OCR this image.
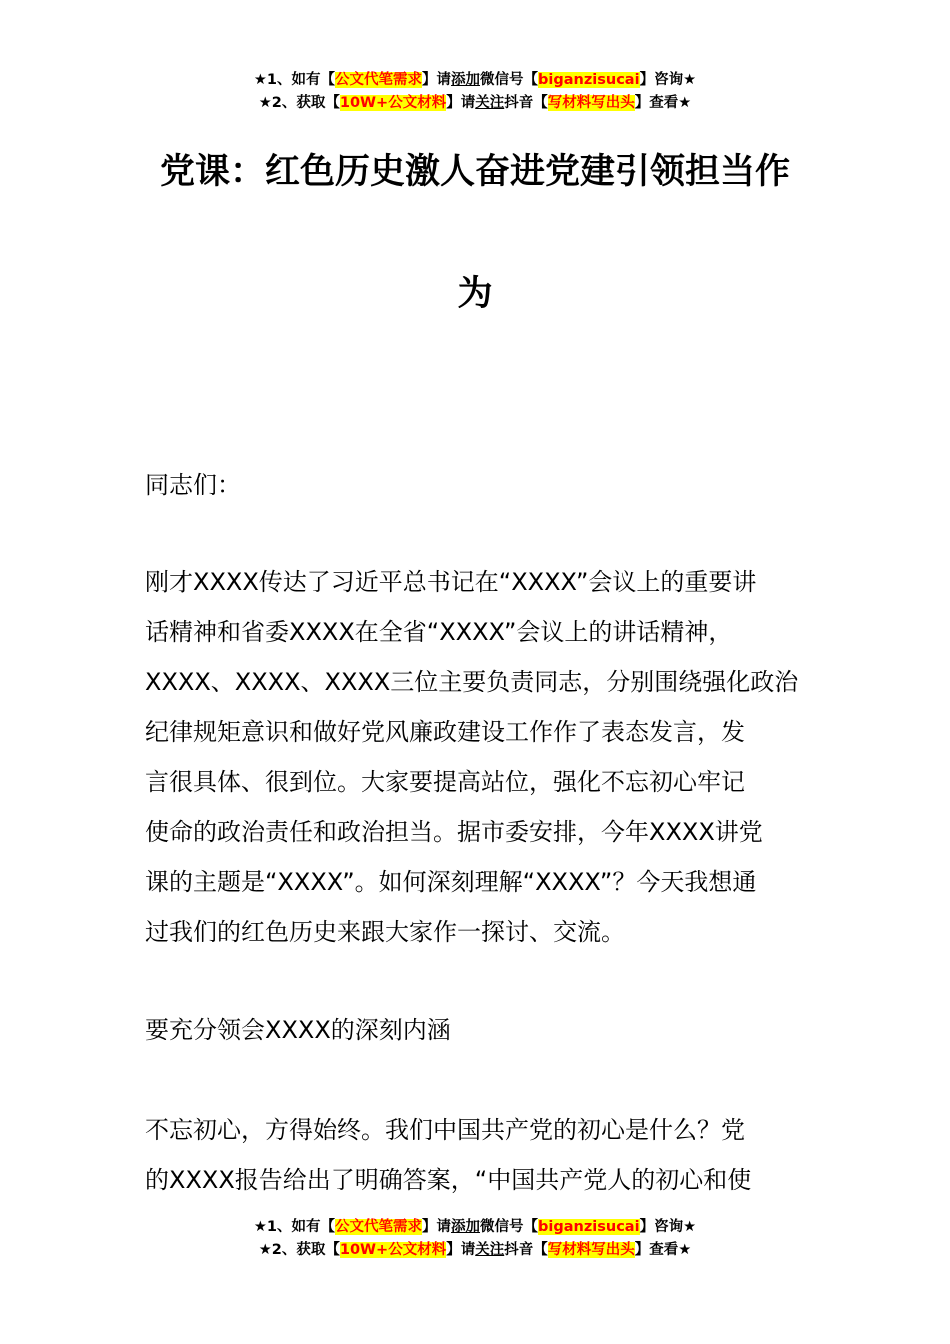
★1、如有【公文代笔需求】请添加微信号【biganzisucai】咨询★
★2、获取【10W+公文材料】请关注抖音【写材料写出头】查看★
党课：红色历史激人奋进党建引领担当作
为

同志们：

刚才XXXX传达了习近平总书记在“XXXX”会议上的重要讲
话精神和省委XXXX在全省“XXXX”会议上的讲话精神，
XXXX、XXXX、XXXX三位主要负责同志，分别围绕强化政治
纪律规矩意识和做好党风廉政建设工作作了表态发言，发
言很具体、很到位。大家要提高站位，强化不忘初心牢记
使命的政治责任和政治担当。据市委安排，今年XXXX讲党
课的主题是“XXXX”。如何深刻理解“XXXX”？今天我想通
过我们的红色历史来跟大家作一探讨、交流。

要充分领会XXXX的深刻内涵

不忘初心，方得始终。我们中国共产党的初心是什么？党
的XXXX报告给出了明确答案，“中国共产党人的初心和使

★1、如有【公文代笔需求】请添加微信号【biganzisucai】咨询★
★2、获取【10W+公文材料】请关注抖音【写材料写出头】查看★
